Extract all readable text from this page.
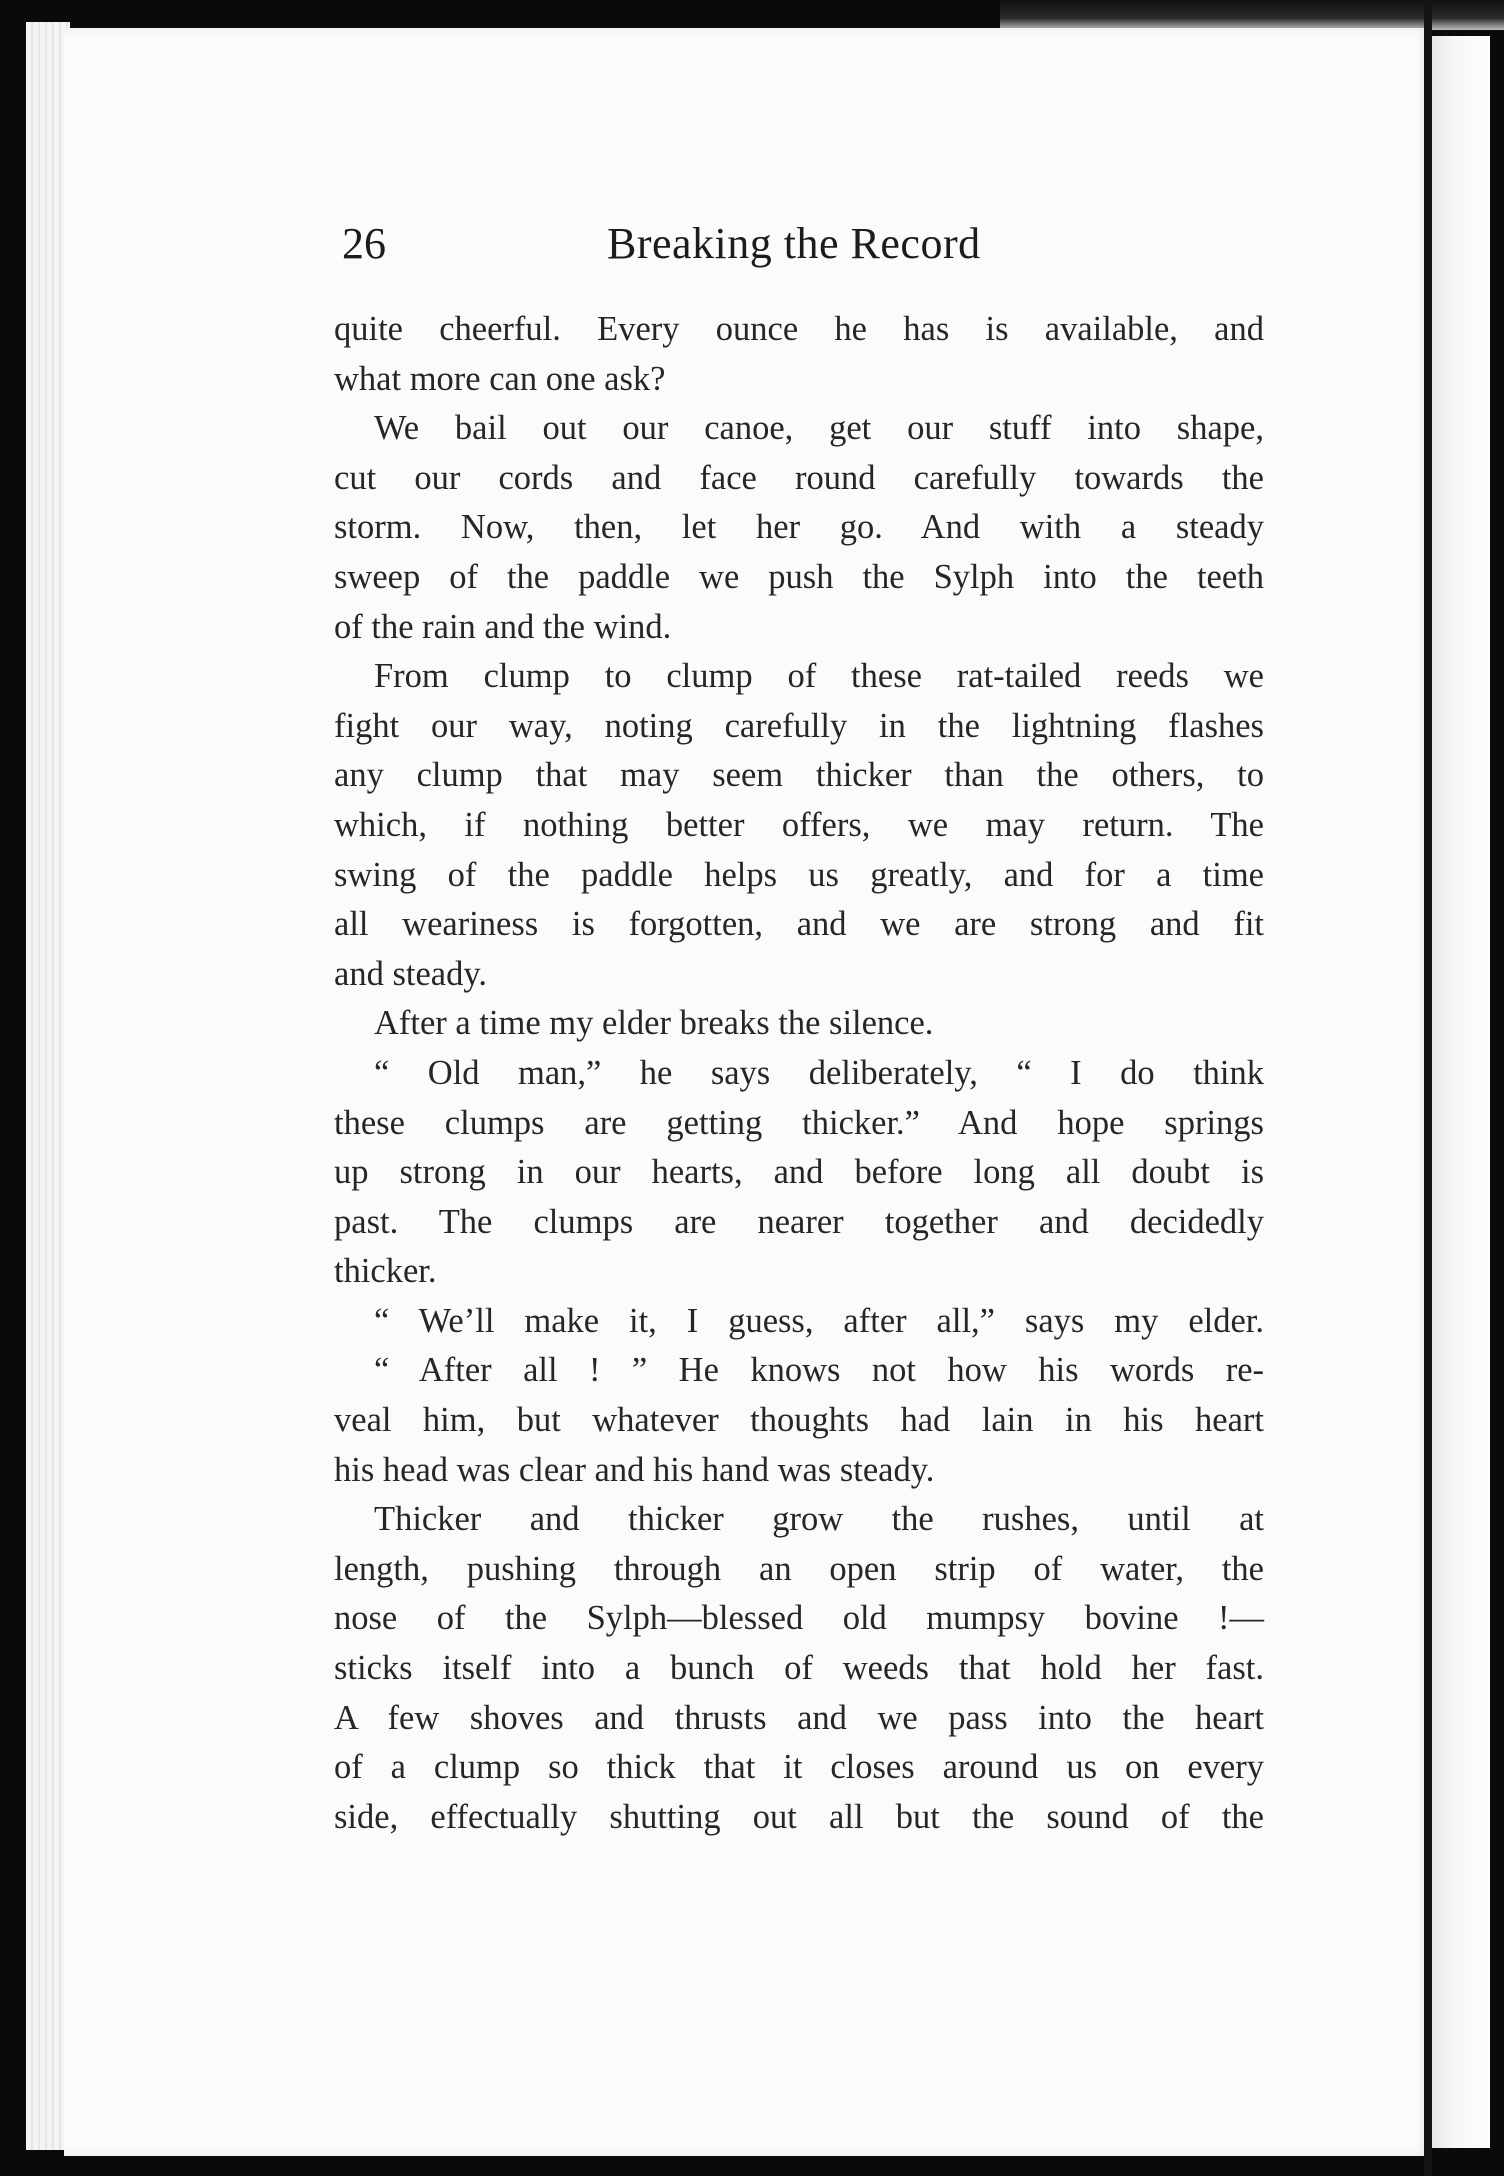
26	Breaking the Record
quite cheerful. Every ounce he has is available, and
what more can one ask?
We bail out our canoe, get our stuff into shape,
cut our cords and face round carefully towards the
storm. Now, then, let her go. And with a steady
sweep of the paddle we push the Sylph into the teeth
of the rain and the wind.
From clump to clump of these rat-tailed reeds we
fight our way, noting carefully in the lightning flashes
any clump that may seem thicker than the others, to
which, if nothing better offers, we may return. The
swing of the paddle helps us greatly, and for a time
all weariness is forgotten, and we are strong and fit
and steady.
After a time my elder breaks the silence.
“ Old man,” he says deliberately, “ I do think
these clumps are getting thicker.” And hope springs
up strong in our hearts, and before long all doubt is
past. The clumps are nearer together and decidedly
thicker.
“ We’ll make it, I guess, after all,” says my elder.
“ After all ! ” He knows not how his words re-
veal him, but whatever thoughts had lain in his heart
his head was clear and his hand was steady.
Thicker and thicker grow the rushes, until at
length, pushing through an open strip of water, the
nose of the Sylph—blessed old mumpsy bovine !—
sticks itself into a bunch of weeds that hold her fast.
A few shoves and thrusts and we pass into the heart
of a clump so thick that it closes around us on every
side, effectually shutting out all but the sound of the
